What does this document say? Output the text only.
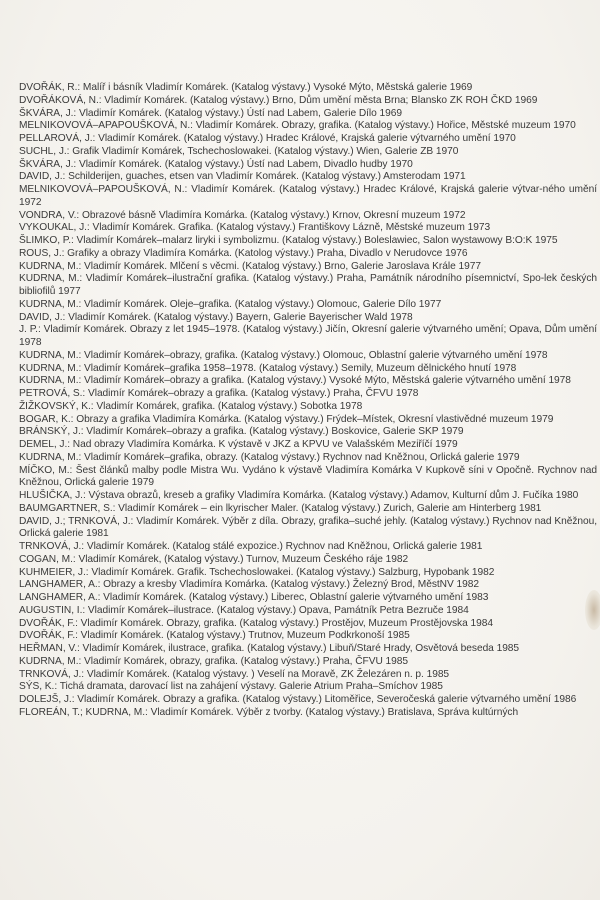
DVOŘÁK, R.: Malíř i básník Vladimír Komárek. (Katalog výstavy.) Vysoké Mýto, Městská galerie 1969

DVOŘÁKOVÁ, N.: Vladimír Komárek. (Katalog výstavy.) Brno, Dům umění města Brna; Blansko ZK ROH ČKD 1969

ŠKVÁRA, J.: Vladimír Komárek. (Katalog výstavy.) Ústí nad Labem, Galerie Dílo 1969

MELNIKOVOVÁ–APAPOUŠKOVÁ, N.: Vladimír Komárek. Obrazy, grafika. (Katalog výstavy.) Hořice, Městské muzeum 1970

PELLAROVÁ, J.: Vladimír Komárek. (Katalog výstavy.) Hradec Králové, Krajská galerie výtvarného umění 1970

SUCHL, J.: Grafik Vladimír Komárek, Tschechoslowakei. (Katalog výstavy.) Wien, Galerie ZB 1970

ŠKVÁRA, J.: Vladimír Komárek. (Katalog výstavy.) Ústí nad Labem, Divadlo hudby 1970

DAVID, J.: Schilderijen, guaches, etsen van Vladimír Komárek. (Katalog výstavy.) Amsterodam 1971

MELNIKOVOVÁ–PAPOUŠKOVÁ, N.: Vladimír Komárek. (Katalog výstavy.) Hradec Králové, Krajská galerie výtvar-ného umění 1972

VONDRA, V.: Obrazové básně Vladimíra Komárka. (Katalog výstavy.) Krnov, Okresní muzeum 1972

VYKOUKAL, J.: Vladimír Komárek. Grafika. (Katalog výstavy.) Františkovy Lázně, Městské muzeum 1973

ŠLIMKO, P.: Vladimír Komárek–malarz liryki i symbolizmu. (Katalog výstavy.) Boleslawiec, Salon wystawowy B:O:K 1975

ROUS, J.: Grafiky a obrazy Vladimíra Komárka. (Katolog výstavy.) Praha, Divadlo v Nerudovce 1976

KUDRNA, M.: Vladimír Komárek. Mlčení s věcmi. (Katalog výstavy.) Brno, Galerie Jaroslava Krále 1977

KUDRNA, M.: Vladimír Komárek–ilustrační grafika. (Katalog výstavy.) Praha, Památník národního písemnictví, Spo-lek českých bibliofilů 1977

KUDRNA, M.: Vladimír Komárek. Oleje–grafika. (Katalog výstavy.) Olomouc, Galerie Dílo 1977

DAVID, J.: Vladimír Komárek. (Katalog výstavy.) Bayern, Galerie Bayerischer Wald 1978

J. P.: Vladimír Komárek. Obrazy z let 1945–1978. (Katalog výstavy.) Jičín, Okresní galerie výtvarného umění; Opava, Dům umění 1978

KUDRNA, M.: Vladimír Komárek–obrazy, grafika. (Katalog výstavy.) Olomouc, Oblastní galerie výtvarného umění 1978

KUDRNA, M.: Vladimír Komárek–grafika 1958–1978. (Katalog výstavy.) Semily, Muzeum dělnického hnutí 1978

KUDRNA, M.: Vladimír Komárek–obrazy a grafika. (Katalog výstavy.) Vysoké Mýto, Městská galerie výtvarného umění 1978

PETROVÁ, S.: Vladimír Komárek–obrazy a grafika. (Katalog výstavy.) Praha, ČFVU 1978

ŽIŽKOVSKÝ, K.: Vladimír Komárek, grafika. (Katalog výstavy.) Sobotka 1978

BOGAR, K.: Obrazy a grafika Vladimíra Komárka. (Katalog výstavy.) Frýdek–Místek, Okresní vlastivědné muzeum 1979

BRÁNSKÝ, J.: Vladimír Komárek–obrazy a grafika. (Katalog výstavy.) Boskovice, Galerie SKP 1979

DEMEL, J.: Nad obrazy Vladimíra Komárka. K výstavě v JKZ a KPVU ve Valašském Meziříčí 1979

KUDRNA, M.: Vladimír Komárek–grafika, obrazy. (Katalog výstavy.) Rychnov nad Kněžnou, Orlická galerie 1979

MÍČKO, M.: Šest článků malby podle Mistra Wu. Vydáno k výstavě Vladimíra Komárka V Kupkově síni v Opočně. Rychnov nad Kněžnou, Orlická galerie 1979

HLUŠIČKA, J.: Výstava obrazů, kreseb a grafiky Vladimíra Komárka. (Katalog výstavy.) Adamov, Kulturní dům J. Fučíka 1980

BAUMGARTNER, S.: Vladimír Komárek – ein lkyrischer Maler. (Katalog výstavy.) Zurich, Galerie am Hinterberg 1981

DAVID, J.; TRNKOVÁ, J.: Vladimír Komárek. Výběr z díla. Obrazy, grafika–suché jehly. (Katalog výstavy.) Rychnov nad Kněžnou, Orlická galerie 1981

TRNKOVÁ, J.: Vladimír Komárek. (Katalog stálé expozice.) Rychnov nad Kněžnou, Orlická galerie 1981

COGAN, M.: Vladimír Komárek, (Katalog výstavy.) Turnov, Muzeum Českého ráje 1982

KUHMEIER, J.: Vladimír Komárek. Grafik. Tschechoslowakei. (Katalog výstavy.) Salzburg, Hypobank 1982

LANGHAMER, A.: Obrazy a kresby Vladimíra Komárka. (Katalog výstavy.) Železný Brod, MěstNV 1982

LANGHAMER, A.: Vladimír Komárek. (Katalog výstavy.) Liberec, Oblastní galerie výtvarného umění 1983

AUGUSTIN, I.: Vladimír Komárek–ilustrace. (Katalog výstavy.) Opava, Památník Petra Bezruče 1984

DVOŘÁK, F.: Vladimír Komárek. Obrazy, grafika. (Katalog výstavy.) Prostějov, Muzeum Prostějovska 1984

DVOŘÁK, F.: Vladimír Komárek. (Katalog výstavy.) Trutnov, Muzeum Podkrkonoší 1985

HEŘMAN, V.: Vladimír Komárek, ilustrace, grafika. (Katalog výstavy.) Libuň/Staré Hrady, Osvětová beseda 1985

KUDRNA, M.: Vladimír Komárek, obrazy, grafika. (Katalog výstavy.) Praha, ČFVU 1985

TRNKOVÁ, J.: Vladimír Komárek. (Katalog výstavy. ) Veselí na Moravě, ZK Železáren n. p. 1985

SÝS, K.: Tichá dramata, darovací list na zahájení výstavy. Galerie Atrium Praha–Smíchov 1985

DOLEJŠ, J.: Vladimír Komárek. Obrazy a grafika. (Katalog výstavy.) Litoměřice, Severočeská galerie výtvarného umění 1986

FLOREÁN, T.; KUDRNA, M.: Vladimír Komárek. Výběr z tvorby. (Katalog výstavy.) Bratislava, Správa kultúrných
